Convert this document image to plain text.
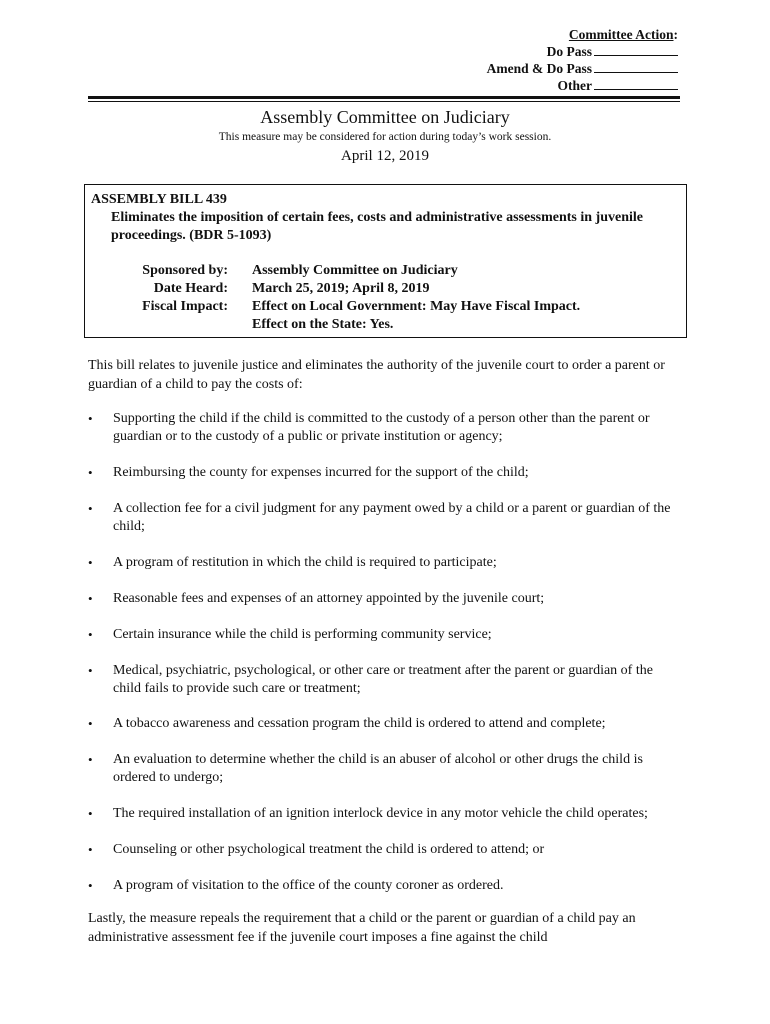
Committee Action:
Do Pass
Amend & Do Pass
Other
Assembly Committee on Judiciary
This measure may be considered for action during today’s work session.
April 12, 2019
ASSEMBLY BILL 439
Eliminates the imposition of certain fees, costs and administrative assessments in juvenile proceedings. (BDR 5-1093)
Sponsored by: Assembly Committee on Judiciary
Date Heard: March 25, 2019; April 8, 2019
Fiscal Impact: Effect on Local Government: May Have Fiscal Impact.
Effect on the State: Yes.
This bill relates to juvenile justice and eliminates the authority of the juvenile court to order a parent or guardian of a child to pay the costs of:
• Supporting the child if the child is committed to the custody of a person other than the parent or guardian or to the custody of a public or private institution or agency;
• Reimbursing the county for expenses incurred for the support of the child;
• A collection fee for a civil judgment for any payment owed by a child or a parent or guardian of the child;
• A program of restitution in which the child is required to participate;
• Reasonable fees and expenses of an attorney appointed by the juvenile court;
• Certain insurance while the child is performing community service;
• Medical, psychiatric, psychological, or other care or treatment after the parent or guardian of the child fails to provide such care or treatment;
• A tobacco awareness and cessation program the child is ordered to attend and complete;
• An evaluation to determine whether the child is an abuser of alcohol or other drugs the child is ordered to undergo;
• The required installation of an ignition interlock device in any motor vehicle the child operates;
• Counseling or other psychological treatment the child is ordered to attend; or
• A program of visitation to the office of the county coroner as ordered.
Lastly, the measure repeals the requirement that a child or the parent or guardian of a child pay an administrative assessment fee if the juvenile court imposes a fine against the child
